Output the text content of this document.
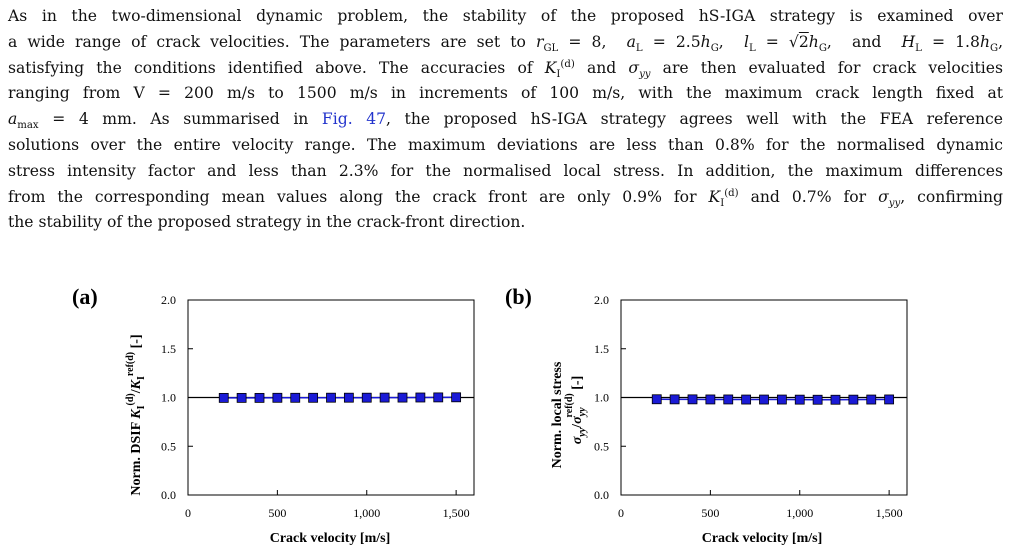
As in the two-dimensional dynamic problem, the stability of the proposed hS-IGA strategy is examined over
a wide range of crack velocities. The parameters are set to $r_{GL} = 8$,  $a_L = 2.5h_G$,  $l_L = √2h_G$,  and  $H_L = 1.8h_G$,
satisfying the conditions identified above. The accuracies of $K_I^{(d)}$ and $\sigma_{yy}$ are then evaluated for crack velocities
ranging from V = 200 m/s to 1500 m/s in increments of 100 m/s, with the maximum crack length fixed at
$a_{max} = 4$ mm. As summarised in Fig. 47, the proposed hS-IGA strategy agrees well with the FEA reference
solutions over the entire velocity range. The maximum deviations are less than 0.8% for the normalised dynamic
stress intensity factor and less than 2.3% for the normalised local stress. In addition, the maximum differences
from the corresponding mean values along the crack front are only 0.9% for $K_I^{(d)}$ and 0.7% for $\sigma_{yy}$, confirming
the stability of the proposed strategy in the crack-front direction.
(a)
Norm. DSIF $K_I^{(d)}/K_I^{ref(d)}$ [-]
Crack velocity [m/s]
0.0
0.5
1.0
1.5
2.0
0	500	1,000	1,500
(b)
Norm. local stress $\sigma_{yy}/\sigma_{yy}ref(d)$ [-]
Crack velocity [m/s]
0.0
0.5
1.0
1.5
2.0
0	500	1,000	1,500
